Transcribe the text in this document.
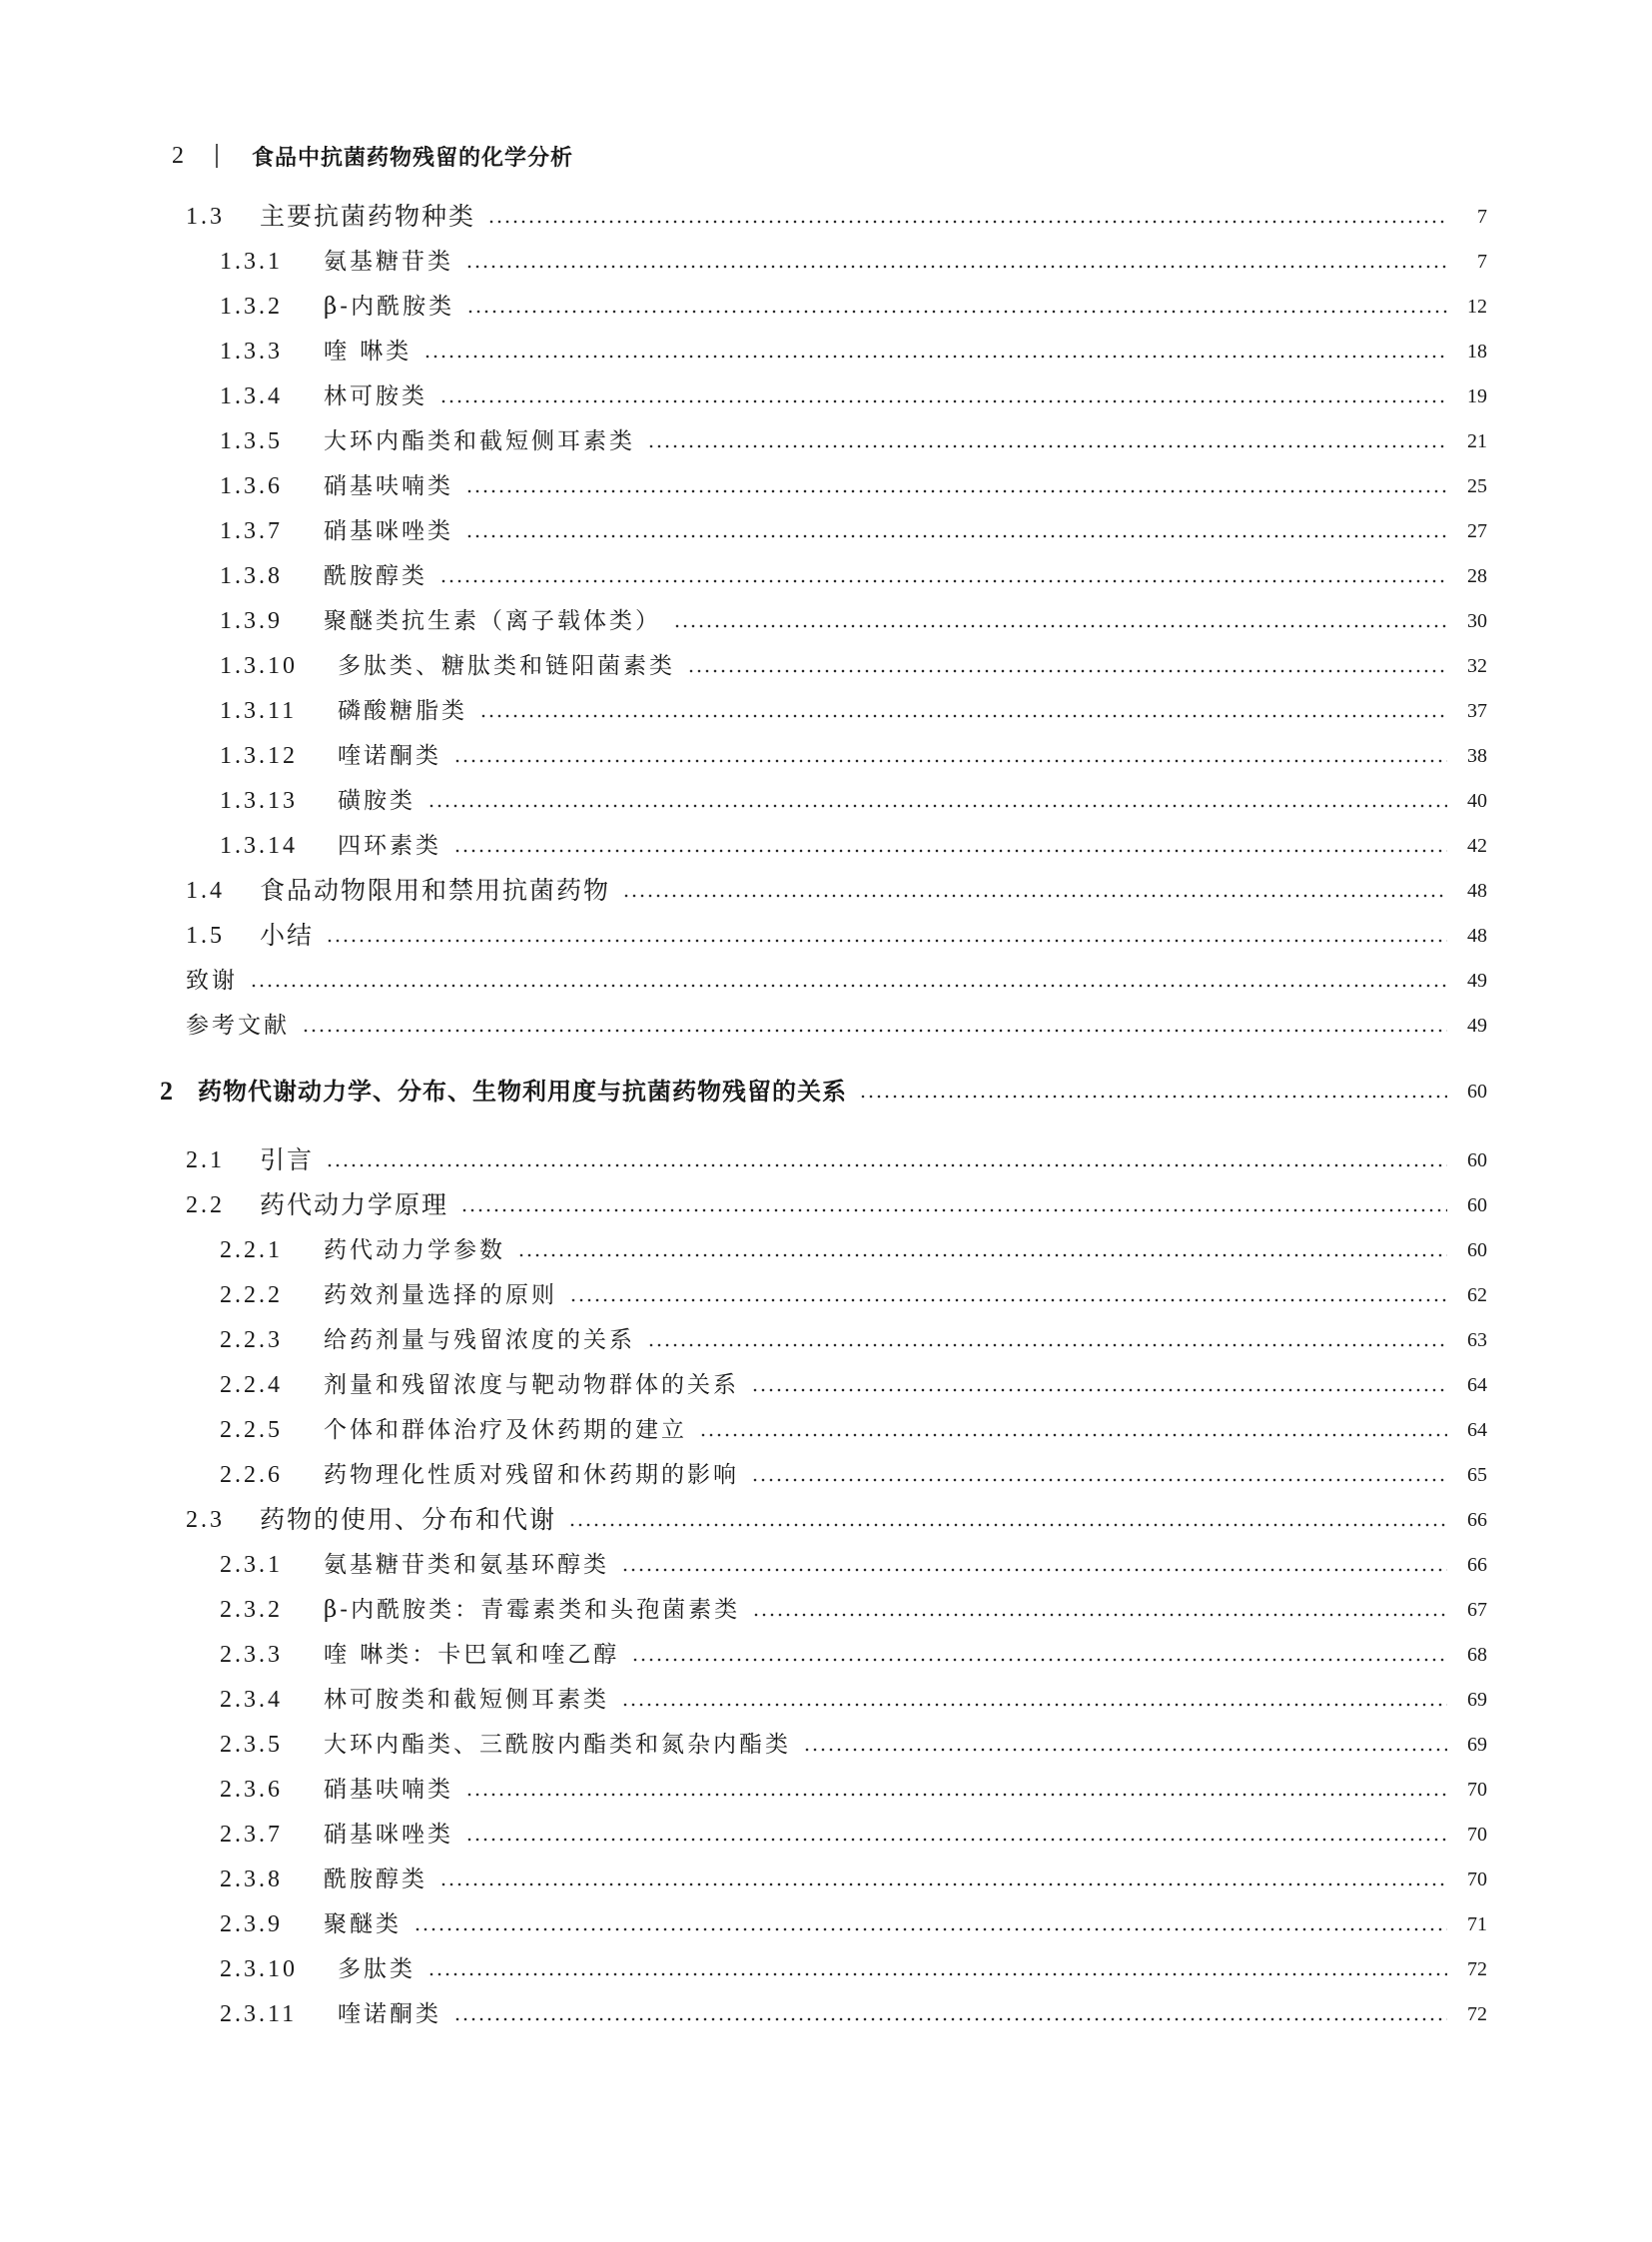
2	食品中抗菌药物残留的化学分析
1.3	主要抗菌药物种类	7
1.3.1	氨基糖苷类	7
1.3.2	β-内酰胺类	12
1.3.3	喹 啉类	18
1.3.4	林可胺类	19
1.3.5	大环内酯类和截短侧耳素类	21
1.3.6	硝基呋喃类	25
1.3.7	硝基咪唑类	27
1.3.8	酰胺醇类	28
1.3.9	聚醚类抗生素（离子载体类）	30
1.3.10	多肽类、糖肽类和链阳菌素类	32
1.3.11	磷酸糖脂类	37
1.3.12	喹诺酮类	38
1.3.13	磺胺类	40
1.3.14	四环素类	42
1.4	食品动物限用和禁用抗菌药物	48
1.5	小结	48
致谢	49
参考文献	49
2 药物代谢动力学、分布、生物利用度与抗菌药物残留的关系	60
2.1	引言	60
2.2	药代动力学原理	60
2.2.1	药代动力学参数	60
2.2.2	药效剂量选择的原则	62
2.2.3	给药剂量与残留浓度的关系	63
2.2.4	剂量和残留浓度与靶动物群体的关系	64
2.2.5	个体和群体治疗及休药期的建立	64
2.2.6	药物理化性质对残留和休药期的影响	65
2.3	药物的使用、分布和代谢	66
2.3.1	氨基糖苷类和氨基环醇类	66
2.3.2	β-内酰胺类：青霉素类和头孢菌素类	67
2.3.3	喹 啉类：卡巴氧和喹乙醇	68
2.3.4	林可胺类和截短侧耳素类	69
2.3.5	大环内酯类、三酰胺内酯类和氮杂内酯类	69
2.3.6	硝基呋喃类	70
2.3.7	硝基咪唑类	70
2.3.8	酰胺醇类	70
2.3.9	聚醚类	71
2.3.10	多肽类	72
2.3.11	喹诺酮类	72
